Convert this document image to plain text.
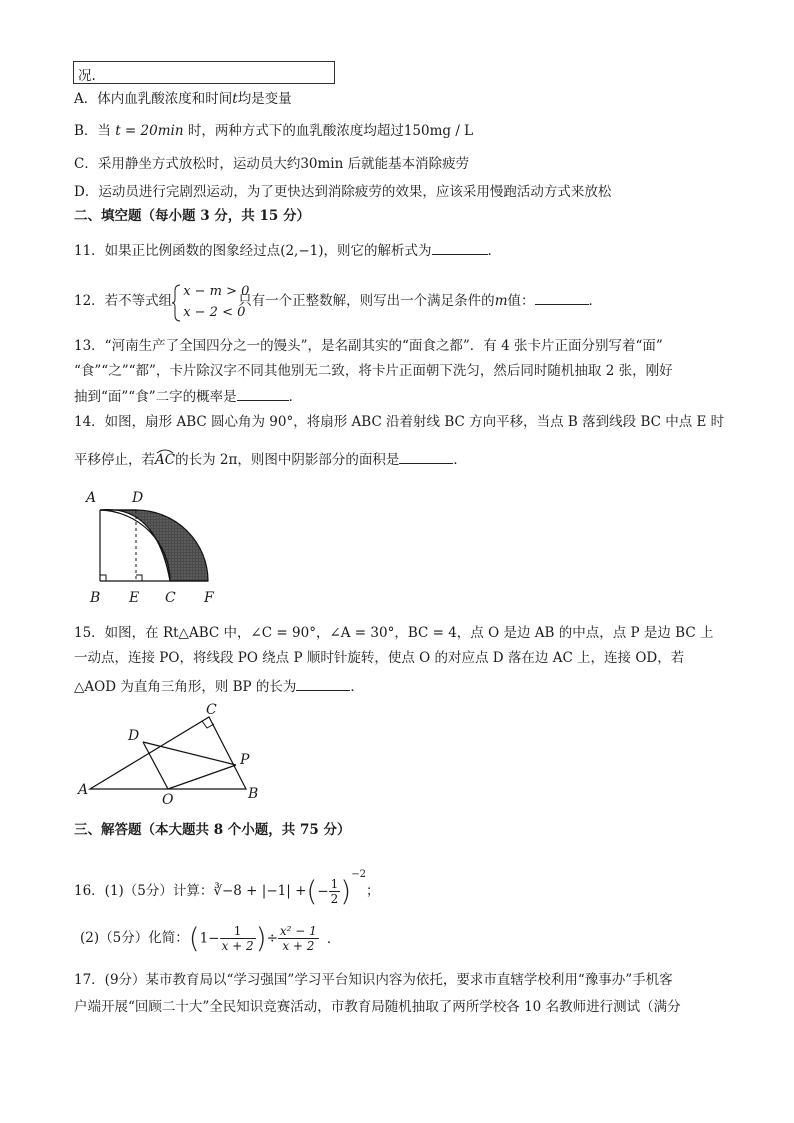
况.
A．体内血乳酸浓度和时间t均是变量
B．当 t = 20min 时，两种方式下的血乳酸浓度均超过150mg / L
C．采用静坐方式放松时，运动员大约30min 后就能基本消除疲劳
D．运动员进行完剧烈运动，为了更快达到消除疲劳的效果，应该采用慢跑活动方式来放松
二、填空题（每小题 3 分，共 15 分）
11．如果正比例函数的图象经过点(2,−1)，则它的解析式为	．
12．若不等式组
x − m > 0
x − 2 < 0
只有一个正整数解，则写出一个满足条件的m值：	．
13．“河南生产了全国四分之一的馒头”，是名副其实的“面食之都”．有 4 张卡片正面分别写着“面”
“食”“之”“都”，卡片除汉字不同其他别无二致，将卡片正面朝下洗匀，然后同时随机抽取 2 张，刚好
抽到“面”“食”二字的概率是	．
14．如图，扇形 ABC 圆心角为 90°，将扇形 ABC 沿着射线 BC 方向平移，当点 B 落到线段 BC 中点 E 时
平移停止，若AC
的长为 2π，则图中阴影部分的面积是	．
A	D
B E C F
15．如图，在 Rt△ABC 中，∠C = 90°，∠A = 30°，BC = 4，点 O 是边 AB 的中点，点 P 是边 BC 上
一动点，连接 PO，将线段 PO 绕点 P 顺时针旋转，使点 O 的对应点 D 落在边 AC 上，连接 OD，若
△AOD 为直角三角形，则 BP 的长为	．
C
D
P
A
O	B
三、解答题（本大题共 8 个小题，共 75 分）
16．(1)（5分）计算：∛−8 + |−1| +(− $\frac{1}{2} )^{-2}$；
(2)（5分）化简：($1- \frac{1}{x + 2}$ )÷ $\frac{\text{x² − 1}}{x + 2}$ ．
17．(9分）某市教育局以“学习强国”学习平台知识内容为依托，要求市直辖学校利用“豫事办”手机客
户端开展“回顾二十大”全民知识竞赛活动，市教育局随机抽取了两所学校各 10 名教师进行测试（满分
